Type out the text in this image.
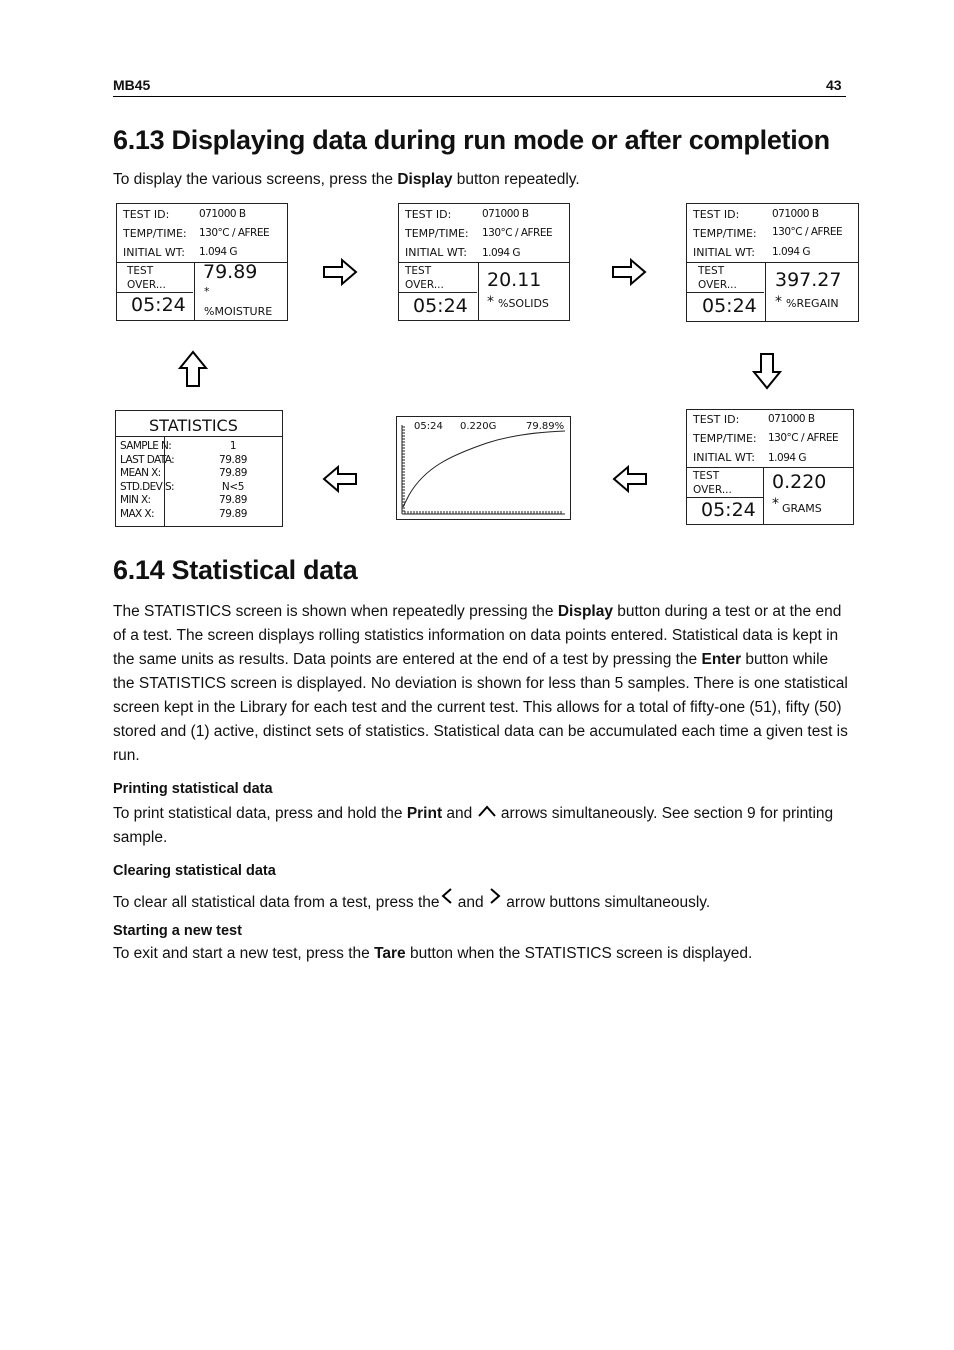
MB45	43
6.13 Displaying data during run mode or after completion
To display the various screens, press the Display button repeatedly.
TEST ID:	071000 B
TEMP/TIME: 130°C / AFREE
INITIAL WT: 1.094 G
TEST
OVER...
05:24
79.89
*
%MOISTURE
TEST ID:	071000 B
TEMP/TIME: 130°C / AFREE
INITIAL WT: 1.094 G
TEST
OVER...
05:24
20.11
* %SOLIDS
TEST ID:	071000 B
TEMP/TIME: 130°C / AFREE
INITIAL WT: 1.094 G
TEST
OVER...
05:24
397.27
* %REGAIN
STATISTICS
SAMPLE N:	1
LAST DATA:	79.89
MEAN X:	79.89
STD.DEV S:	N<5
MIN X:	79.89
MAX X:	79.89
05:24 0.220G	79.89%
TEST ID:	071000 B
TEMP/TIME: 130°C / AFREE
INITIAL WT: 1.094 G
TEST
OVER...
05:24
0.220
* GRAMS
6.14 Statistical data
The STATISTICS screen is shown when repeatedly pressing the Display button during a test or at the end of a test. The screen displays rolling statistics information on data points entered. Statistical data is kept in the same units as results. Data points are entered at the end of a test by pressing the Enter button while the STATISTICS screen is displayed. No deviation is shown for less than 5 samples. There is one statistical screen kept in the Library for each test and the current test. This allows for a total of fifty-one (51), fifty (50) stored and (1) active, distinct sets of statistics. Statistical data can be accumulated each time a given test is run.
Printing statistical data
To print statistical data, press and hold the Print and  arrows simultaneously. See section 9 for printing sample.
Clearing statistical data
To clear all statistical data from a test, press the and  arrow buttons simultaneously.
Starting a new test
To exit and start a new test, press the Tare button when the STATISTICS screen is displayed.
